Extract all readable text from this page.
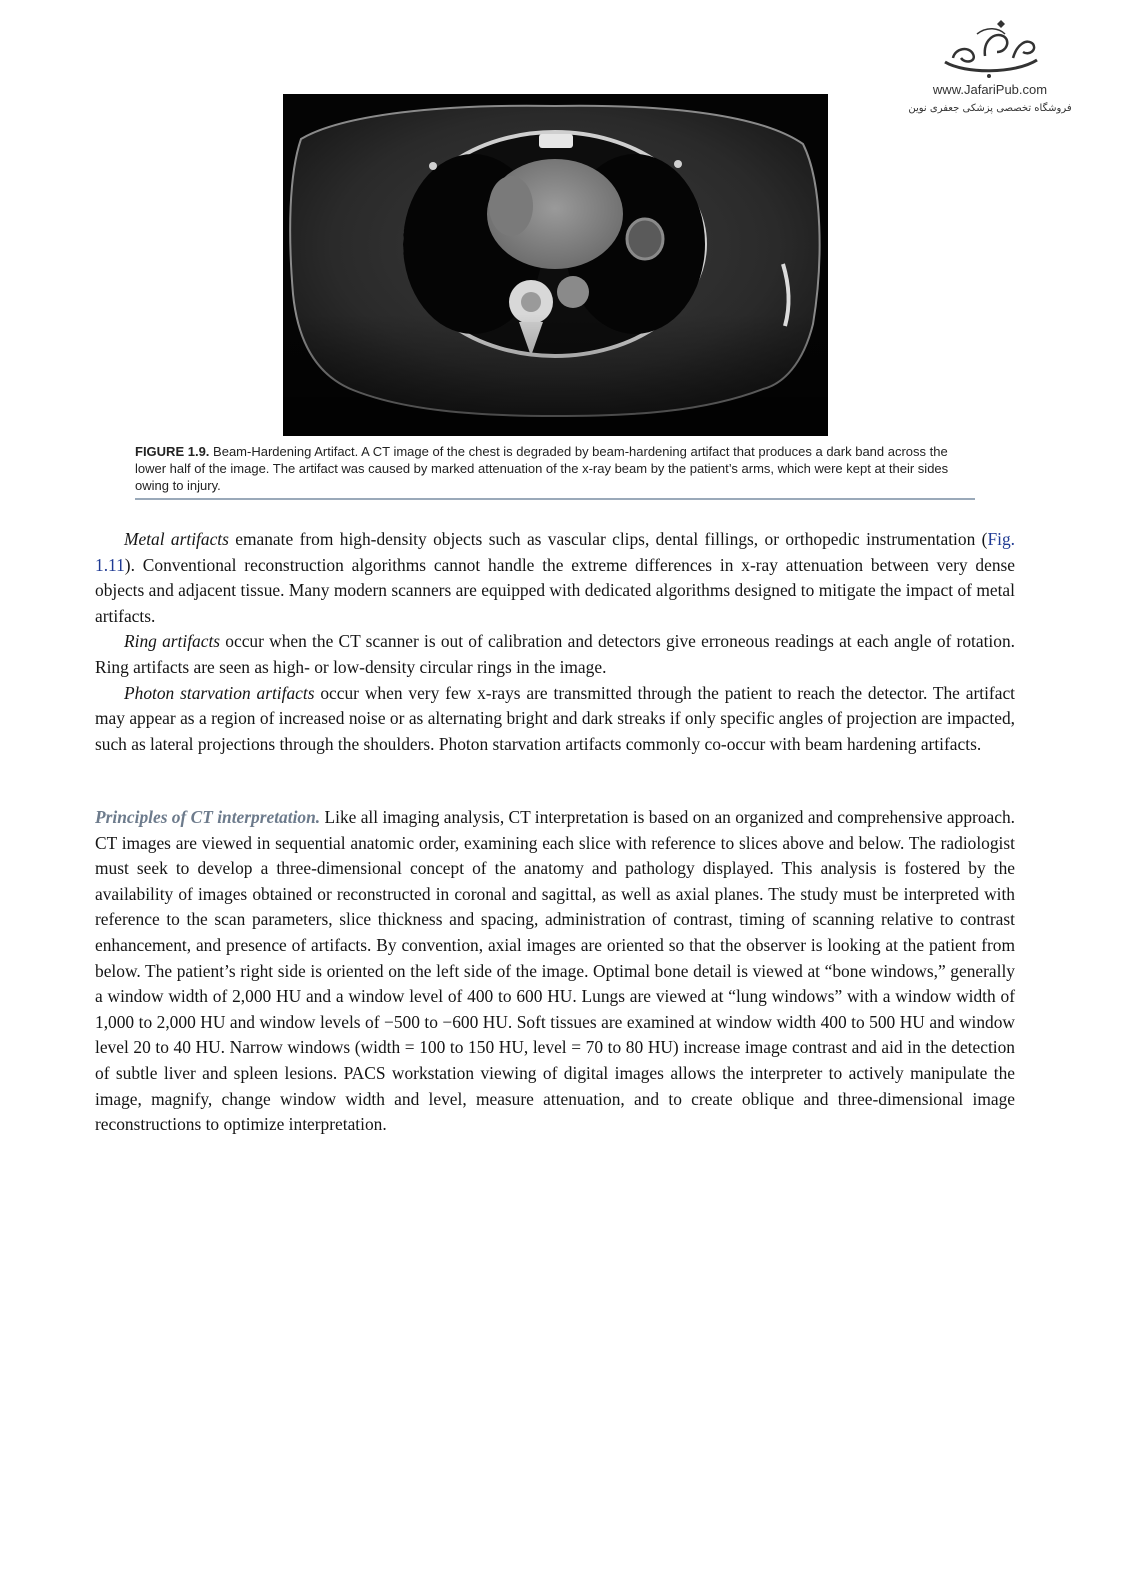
www.JafariPub.com
فروشگاه تخصصی پزشکی جعفری نوین
FIGURE 1.9. Beam-Hardening Artifact. A CT image of the chest is degraded by beam-hardening artifact that produces a dark band across the lower half of the image. The artifact was caused by marked attenuation of the x-ray beam by the patient’s arms, which were kept at their sides owing to injury.

Metal artifacts emanate from high-density objects such as vascular clips, dental fillings, or orthopedic instrumentation (Fig. 1.11). Conventional reconstruction algorithms cannot handle the extreme differences in x-ray attenuation between very dense objects and adjacent tissue. Many modern scanners are equipped with dedicated algorithms designed to mitigate the impact of metal artifacts.

Ring artifacts occur when the CT scanner is out of calibration and detectors give erroneous readings at each angle of rotation. Ring artifacts are seen as high- or low-density circular rings in the image.

Photon starvation artifacts occur when very few x-rays are transmitted through the patient to reach the detector. The artifact may appear as a region of increased noise or as alternating bright and dark streaks if only specific angles of projection are impacted, such as lateral projections through the shoulders. Photon starvation artifacts commonly co-occur with beam hardening artifacts.

Principles of CT interpretation. Like all imaging analysis, CT interpretation is based on an organized and comprehensive approach. CT images are viewed in sequential anatomic order, examining each slice with reference to slices above and below. The radiologist must seek to develop a three-dimensional concept of the anatomy and pathology displayed. This analysis is fostered by the availability of images obtained or reconstructed in coronal and sagittal, as well as axial planes. The study must be interpreted with reference to the scan parameters, slice thickness and spacing, administration of contrast, timing of scanning relative to contrast enhancement, and presence of artifacts. By convention, axial images are oriented so that the observer is looking at the patient from below. The patient’s right side is oriented on the left side of the image. Optimal bone detail is viewed at “bone windows,” generally a window width of 2,000 HU and a window level of 400 to 600 HU. Lungs are viewed at “lung windows” with a window width of 1,000 to 2,000 HU and window levels of −500 to −600 HU. Soft tissues are examined at window width 400 to 500 HU and window level 20 to 40 HU. Narrow windows (width = 100 to 150 HU, level = 70 to 80 HU) increase image contrast and aid in the detection of subtle liver and spleen lesions. PACS workstation viewing of digital images allows the interpreter to actively manipulate the image, magnify, change window width and level, measure attenuation, and to create oblique and three-dimensional image reconstructions to optimize interpretation.
